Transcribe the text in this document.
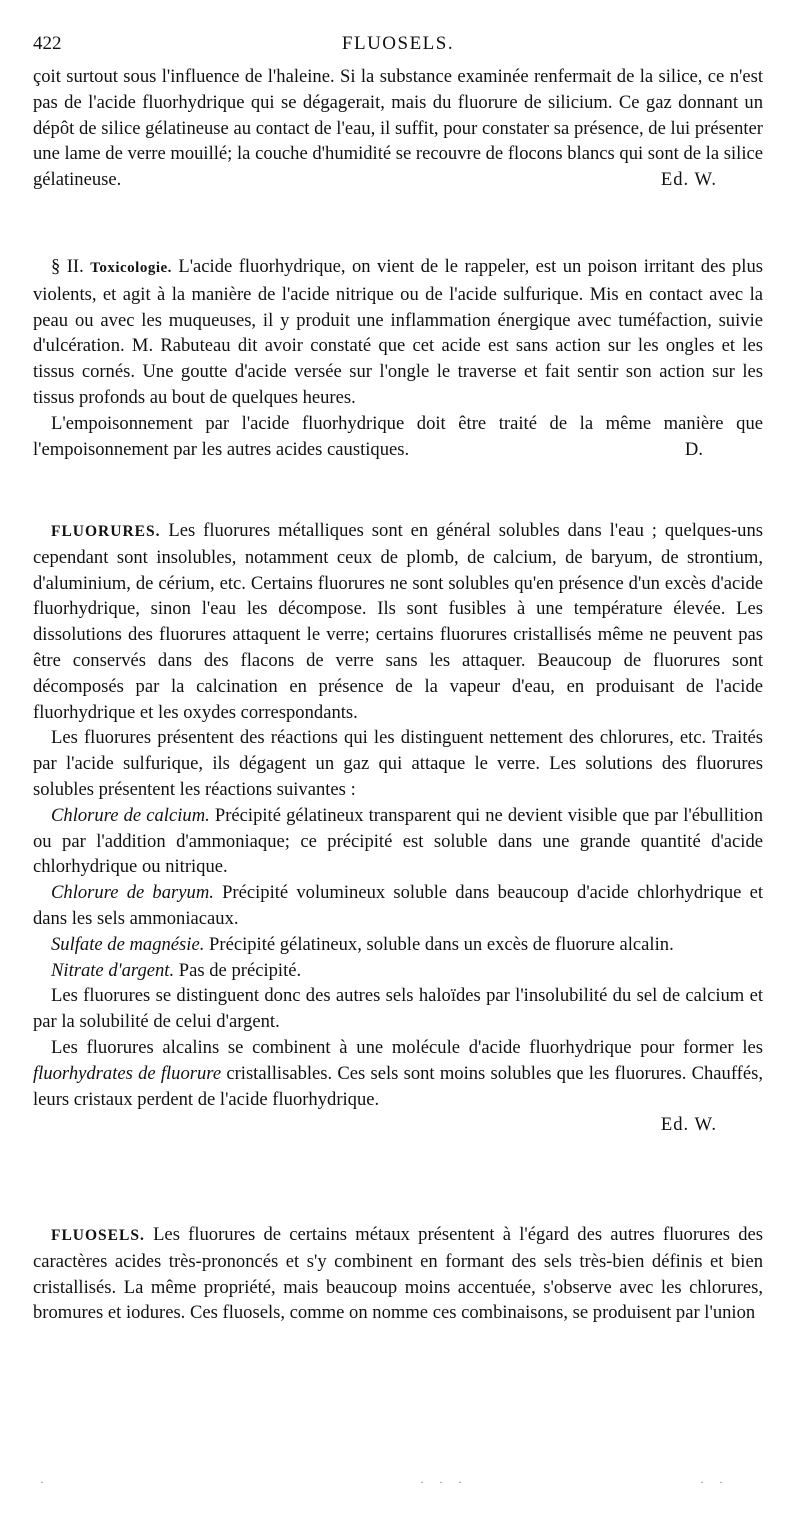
422	FLUOSELS.

çoit surtout sous l'influence de l'haleine. Si la substance examinée renfermait de la silice, ce n'est pas de l'acide fluorhydrique qui se dégagerait, mais du fluorure de silicium. Ce gaz donnant un dépôt de silice gélatineuse au contact de l'eau, il suffit, pour constater sa présence, de lui présenter une lame de verre mouillé; la couche d'humidité se recouvre de flocons blancs qui sont de la silice gélatineuse.	Ed. W.

§ II. Toxicologie. L'acide fluorhydrique, on vient de le rappeler, est un poison irritant des plus violents, et agit à la manière de l'acide nitrique ou de l'acide sulfurique. Mis en contact avec la peau ou avec les muqueuses, il y produit une inflammation énergique avec tuméfaction, suivie d'ulcération. M. Rabuteau dit avoir constaté que cet acide est sans action sur les ongles et les tissus cornés. Une goutte d'acide versée sur l'ongle le traverse et fait sentir son action sur les tissus profonds au bout de quelques heures.

L'empoisonnement par l'acide fluorhydrique doit être traité de la même manière que l'empoisonnement par les autres acides caustiques.	D.

FLUORURES. Les fluorures métalliques sont en général solubles dans l'eau ; quelques-uns cependant sont insolubles, notamment ceux de plomb, de calcium, de baryum, de strontium, d'aluminium, de cérium, etc. Certains fluorures ne sont solubles qu'en présence d'un excès d'acide fluorhydrique, sinon l'eau les décompose. Ils sont fusibles à une température élevée. Les dissolutions des fluorures attaquent le verre; certains fluorures cristallisés même ne peuvent pas être conservés dans des flacons de verre sans les attaquer. Beaucoup de fluorures sont décomposés par la calcination en présence de la vapeur d'eau, en produisant de l'acide fluorhydrique et les oxydes correspondants.

Les fluorures présentent des réactions qui les distinguent nettement des chlorures, etc. Traités par l'acide sulfurique, ils dégagent un gaz qui attaque le verre. Les solutions des fluorures solubles présentent les réactions suivantes :

Chlorure de calcium. Précipité gélatineux transparent qui ne devient visible que par l'ébullition ou par l'addition d'ammoniaque; ce précipité est soluble dans une grande quantité d'acide chlorhydrique ou nitrique.

Chlorure de baryum. Précipité volumineux soluble dans beaucoup d'acide chlorhydrique et dans les sels ammoniacaux.

Sulfate de magnésie. Précipité gélatineux, soluble dans un excès de fluorure alcalin.

Nitrate d'argent. Pas de précipité.

Les fluorures se distinguent donc des autres sels haloïdes par l'insolubilité du sel de calcium et par la solubilité de celui d'argent.

Les fluorures alcalins se combinent à une molécule d'acide fluorhydrique pour former les fluorhydrates de fluorure cristallisables. Ces sels sont moins solubles que les fluorures. Chauffés, leurs cristaux perdent de l'acide fluorhydrique.

Ed. W.

FLUOSELS. Les fluorures de certains métaux présentent à l'égard des autres fluorures des caractères acides très-prononcés et s'y combinent en formant des sels très-bien définis et bien cristallisés. La même propriété, mais beaucoup moins accentuée, s'observe avec les chlorures, bromures et iodures. Ces fluosels, comme on nomme ces combinaisons, se produisent par l'union

·	· · ·	· ·
